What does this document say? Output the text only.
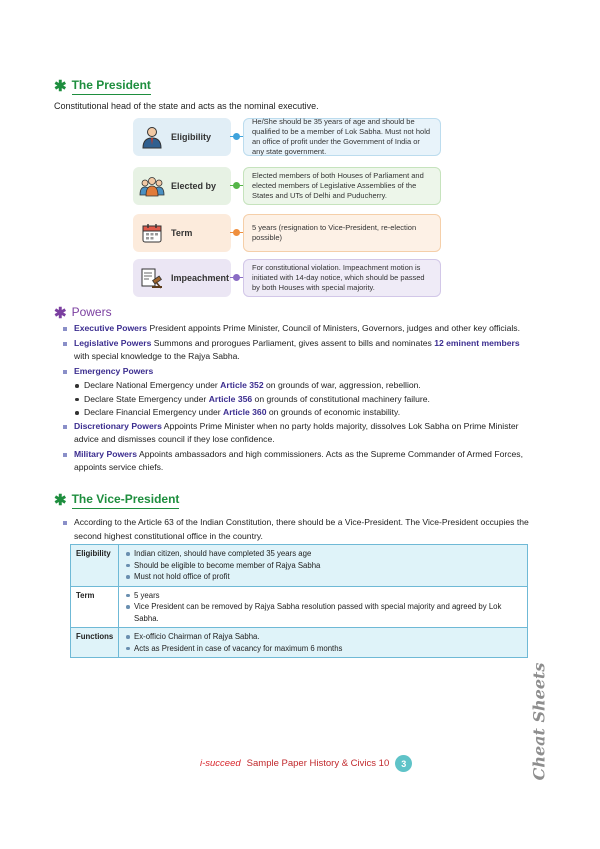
✱ The President
Constitutional head of the state and acts as the nominal executive.
Eligibility
He/She should be 35 years of age and should be qualified to be a member of Lok Sabha. Must not hold an office of profit under the Government of India or any state government.
Elected by
Elected members of both Houses of Parliament and elected members of Legislative Assemblies of the States and UTs of Delhi and Puducherry.
Term
5 years (resignation to Vice-President, re-election possible)
Impeachment
For constitutional violation. Impeachment motion is initiated with 14-day notice, which should be passed by both Houses with special majority.
✱ Powers
Executive Powers President appoints Prime Minister, Council of Ministers, Governors, judges and other key officials.
Legislative Powers Summons and prorogues Parliament, gives assent to bills and nominates 12 eminent members with special knowledge to the Rajya Sabha.
Emergency Powers
Declare National Emergency under Article 352 on grounds of war, aggression, rebellion.
Declare State Emergency under Article 356 on grounds of constitutional machinery failure.
Declare Financial Emergency under Article 360 on grounds of economic instability.
Discretionary Powers Appoints Prime Minister when no party holds majority, dissolves Lok Sabha on Prime Minister advice and dismisses council if they lose confidence.
Military Powers Appoints ambassadors and high commissioners. Acts as the Supreme Commander of Armed Forces, appoints service chiefs.
✱ The Vice-President
According to the Article 63 of the Indian Constitution, there should be a Vice-President. The Vice-President occupies the second highest constitutional office in the country.
Eligibility	Indian citizen, should have completed 35 years age
Should be eligible to become member of Rajya Sabha
Must not hold office of profit
Term	5 years
Vice President can be removed by Rajya Sabha resolution passed with special majority and agreed by Lok Sabha.
Functions	Ex-officio Chairman of Rajya Sabha.
Acts as President in case of vacancy for maximum 6 months
Cheat Sheets
i-succeed Sample Paper History & Civics 10	3
